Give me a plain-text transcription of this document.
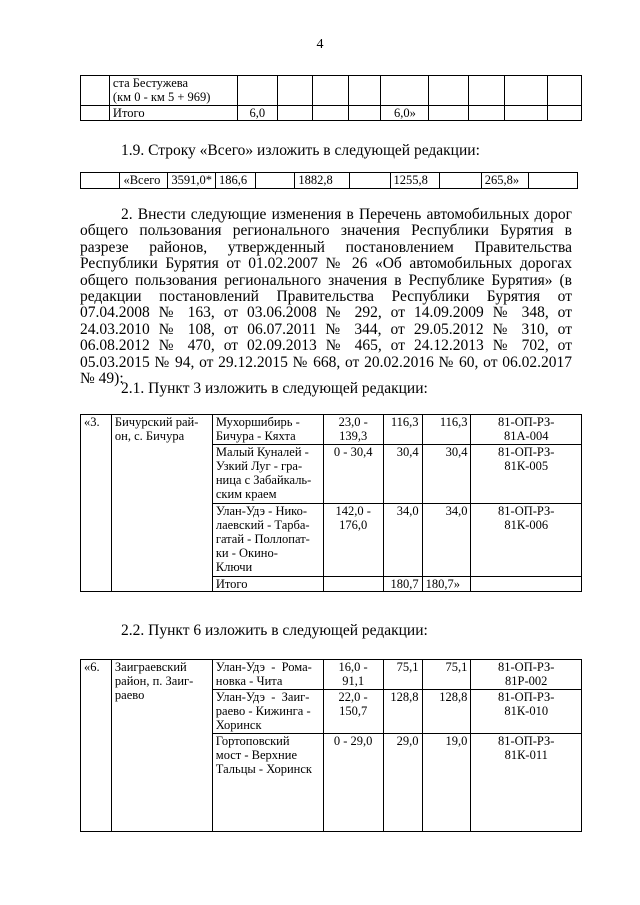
4

	ста Бестужева
(км 0 - км 5 + 969)									

	Итого	6,0				6,0»				

1.9. Строку «Всего» изложить в следующей редакции:

	«Всего	3591,0*	186,6		1882,8		1255,8		265,8»	

2. Внести следующие изменения в Перечень автомобильных дорог общего пользования регионального значения Республики Бурятия в разрезе районов, утвержденный постановлением Правительства Республики Бурятия от 01.02.2007 № 26 «Об автомобильных дорогах общего пользования регионального значения в Республике Бурятия» (в редакции постановлений Правительства Республики Бурятия от 07.04.2008 № 163, от 03.06.2008 № 292, от 14.09.2009 № 348, от 24.03.2010 № 108, от 06.07.2011 № 344, от 29.05.2012 № 310, от 06.08.2012 № 470, от 02.09.2013 № 465, от 24.12.2013 № 702, от 05.03.2015 № 94, от 29.12.2015 № 668, от 20.02.2016 № 60, от 06.02.2017 № 49):

2.1. Пункт 3 изложить в следующей редакции:

«3.	Бичурский рай-
он, с. Бичура	Мухоршибирь -
Бичура - Кяхта	23,0 -
139,3	116,3	116,3	81-ОП-РЗ-
81А-004

		Малый Куналей -
Узкий Луг - гра-
ница с Забайкаль-
ским краем	0 - 30,4	30,4	30,4	81-ОП-РЗ-
81К-005

		Улан-Удэ - Нико-
лаевский - Тарба-
гатай - Поллопат-
ки - Окино-
Ключи	142,0 -
176,0	34,0	34,0	81-ОП-РЗ-
81К-006

		Итого		180,7	180,7»	

2.2. Пункт 6 изложить в следующей редакции:

«6.	Заиграевский
район, п. Заиг-
раево	Улан-Удэ  -  Рома-
новка - Чита	16,0 -
91,1	75,1	75,1	81-ОП-РЗ-
81Р-002

		Улан-Удэ  -  Заиг-
раево - Кижинга -
Хоринск	22,0 -
150,7	128,8	128,8	81-ОП-РЗ-
81К-010

		Гортоповский
мост - Верхние
Тальцы - Хоринск	0 - 29,0	29,0	19,0	81-ОП-РЗ-
81К-011
